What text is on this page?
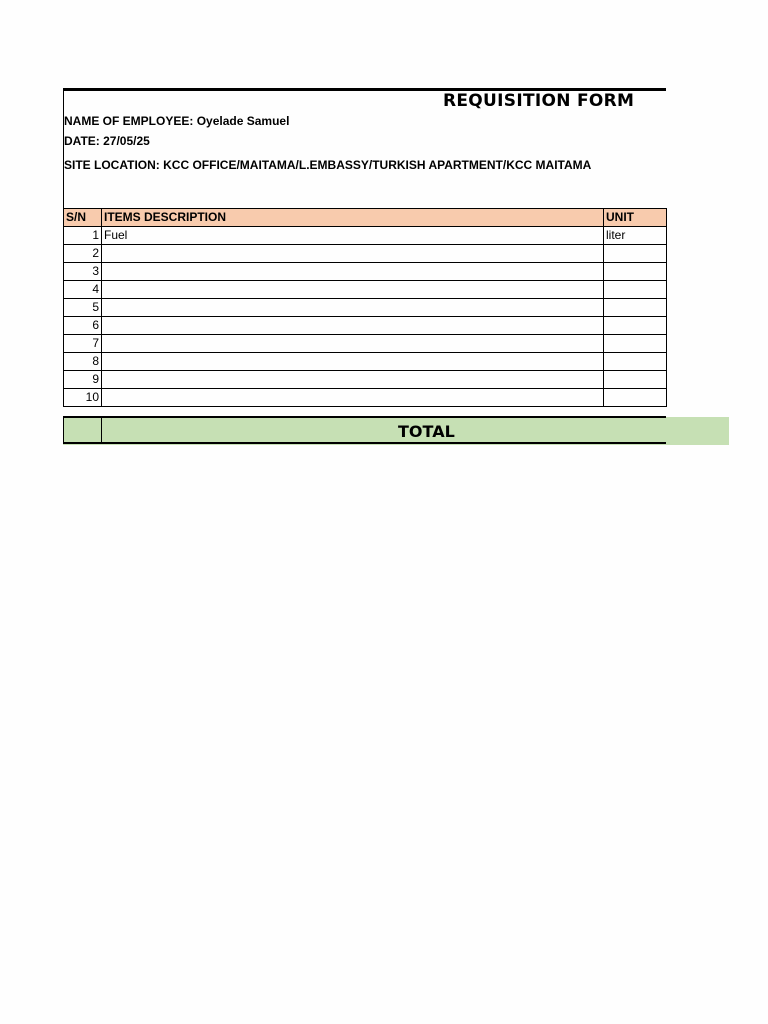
REQUISITION FORM
NAME OF EMPLOYEE: Oyelade Samuel
DATE: 27/05/25
SITE LOCATION: KCC OFFICE/MAITAMA/L.EMBASSY/TURKISH APARTMENT/KCC MAITAMA
S/N	ITEMS DESCRIPTION	UNIT
1	Fuel	liter
2		
3		
4		
5		
6		
7		
8		
9		
10		
TOTAL
